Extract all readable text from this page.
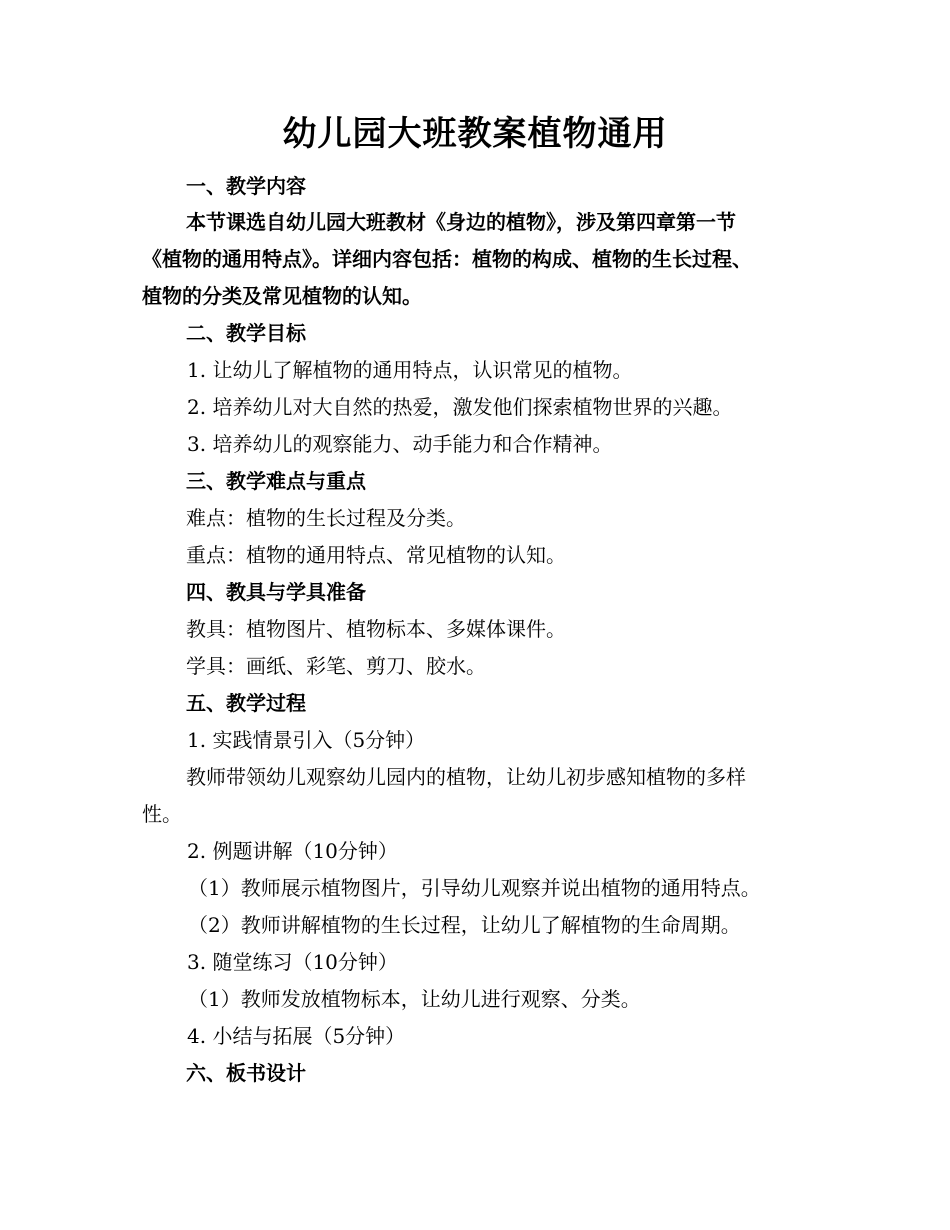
幼儿园大班教案植物通用
一、教学内容
本节课选自幼儿园大班教材《身边的植物》，涉及第四章第一节
《植物的通用特点》。详细内容包括：植物的构成、植物的生长过程、
植物的分类及常见植物的认知。
二、教学目标
1. 让幼儿了解植物的通用特点，认识常见的植物。
2. 培养幼儿对大自然的热爱，激发他们探索植物世界的兴趣。
3. 培养幼儿的观察能力、动手能力和合作精神。
三、教学难点与重点
难点：植物的生长过程及分类。
重点：植物的通用特点、常见植物的认知。
四、教具与学具准备
教具：植物图片、植物标本、多媒体课件。
学具：画纸、彩笔、剪刀、胶水。
五、教学过程
1. 实践情景引入（5分钟）
教师带领幼儿观察幼儿园内的植物，让幼儿初步感知植物的多样
性。
2. 例题讲解（10分钟）
（1）教师展示植物图片，引导幼儿观察并说出植物的通用特点。
（2）教师讲解植物的生长过程，让幼儿了解植物的生命周期。
3. 随堂练习（10分钟）
（1）教师发放植物标本，让幼儿进行观察、分类。
4. 小结与拓展（5分钟）
六、板书设计
